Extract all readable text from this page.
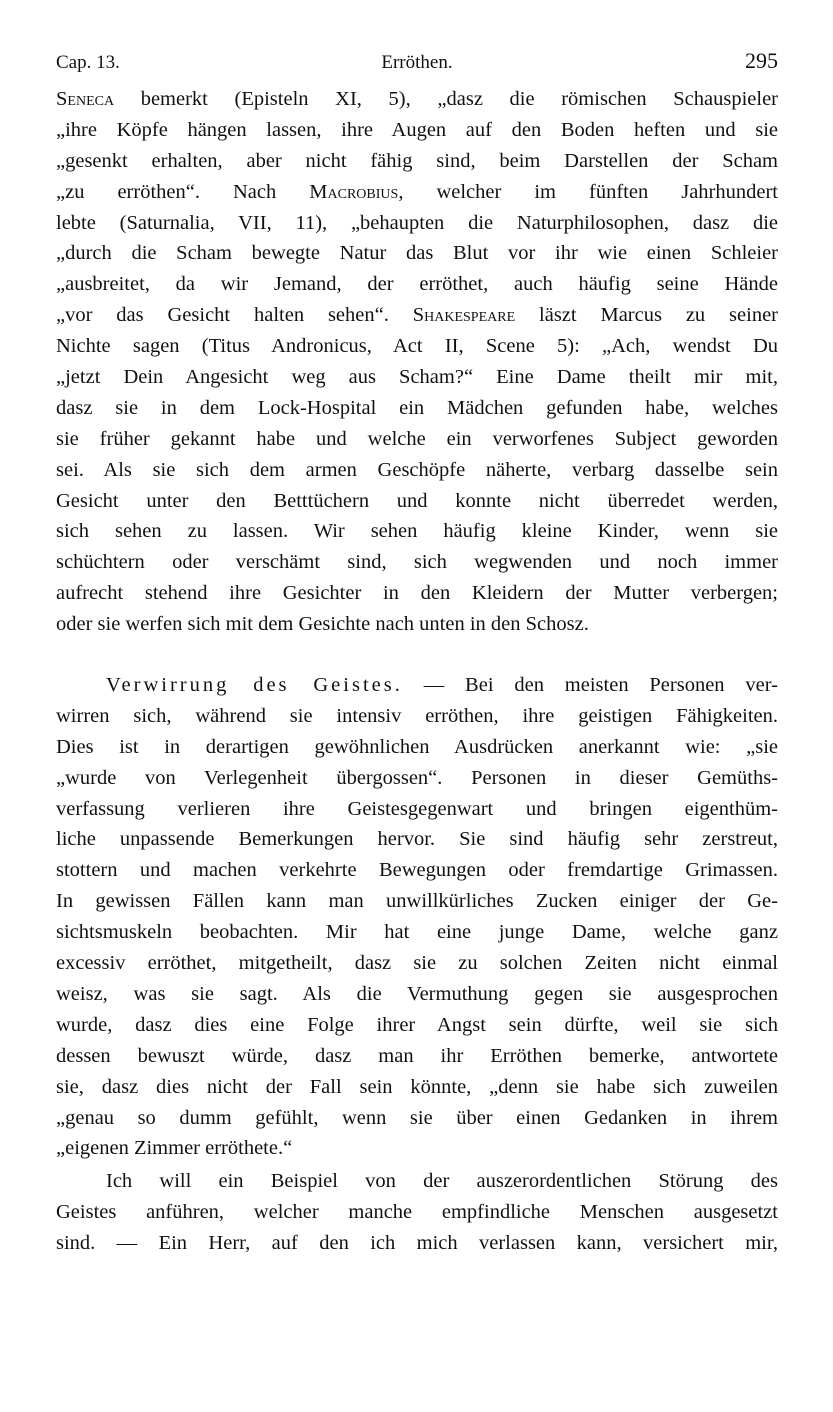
Cap. 13.	Erröthen.	295
Seneca bemerkt (Episteln XI, 5), „dasz die römischen Schauspieler
„ihre Köpfe hängen lassen, ihre Augen auf den Boden heften und sie
„gesenkt erhalten, aber nicht fähig sind, beim Darstellen der Scham
„zu erröthen“. Nach Macrobius, welcher im fünften Jahrhundert
lebte (Saturnalia, VII, 11), „behaupten die Naturphilosophen, dasz die
„durch die Scham bewegte Natur das Blut vor ihr wie einen Schleier
„ausbreitet, da wir Jemand, der erröthet, auch häufig seine Hände
„vor das Gesicht halten sehen“. Shakespeare läszt Marcus zu seiner
Nichte sagen (Titus Andronicus, Act II, Scene 5): „Ach, wendst Du
„jetzt Dein Angesicht weg aus Scham?“ Eine Dame theilt mir mit,
dasz sie in dem Lock-Hospital ein Mädchen gefunden habe, welches
sie früher gekannt habe und welche ein verworfenes Subject geworden
sei. Als sie sich dem armen Geschöpfe näherte, verbarg dasselbe sein
Gesicht unter den Betttüchern und konnte nicht überredet werden,
sich sehen zu lassen. Wir sehen häufig kleine Kinder, wenn sie
schüchtern oder verschämt sind, sich wegwenden und noch immer
aufrecht stehend ihre Gesichter in den Kleidern der Mutter verbergen;
oder sie werfen sich mit dem Gesichte nach unten in den Schosz.
Verwirrung des Geistes. — Bei den meisten Personen ver-
wirren sich, während sie intensiv erröthen, ihre geistigen Fähigkeiten.
Dies ist in derartigen gewöhnlichen Ausdrücken anerkannt wie: „sie
„wurde von Verlegenheit übergossen“. Personen in dieser Gemüths-
verfassung verlieren ihre Geistesgegenwart und bringen eigenthüm-
liche unpassende Bemerkungen hervor. Sie sind häufig sehr zerstreut,
stottern und machen verkehrte Bewegungen oder fremdartige Grimassen.
In gewissen Fällen kann man unwillkürliches Zucken einiger der Ge-
sichtsmuskeln beobachten. Mir hat eine junge Dame, welche ganz
excessiv erröthet, mitgetheilt, dasz sie zu solchen Zeiten nicht einmal
weisz, was sie sagt. Als die Vermuthung gegen sie ausgesprochen
wurde, dasz dies eine Folge ihrer Angst sein dürfte, weil sie sich
dessen bewuszt würde, dasz man ihr Erröthen bemerke, antwortete
sie, dasz dies nicht der Fall sein könnte, „denn sie habe sich zuweilen
„genau so dumm gefühlt, wenn sie über einen Gedanken in ihrem
„eigenen Zimmer erröthete.“
Ich will ein Beispiel von der auszerordentlichen Störung des
Geistes anführen, welcher manche empfindliche Menschen ausgesetzt
sind. — Ein Herr, auf den ich mich verlassen kann, versichert mir,
